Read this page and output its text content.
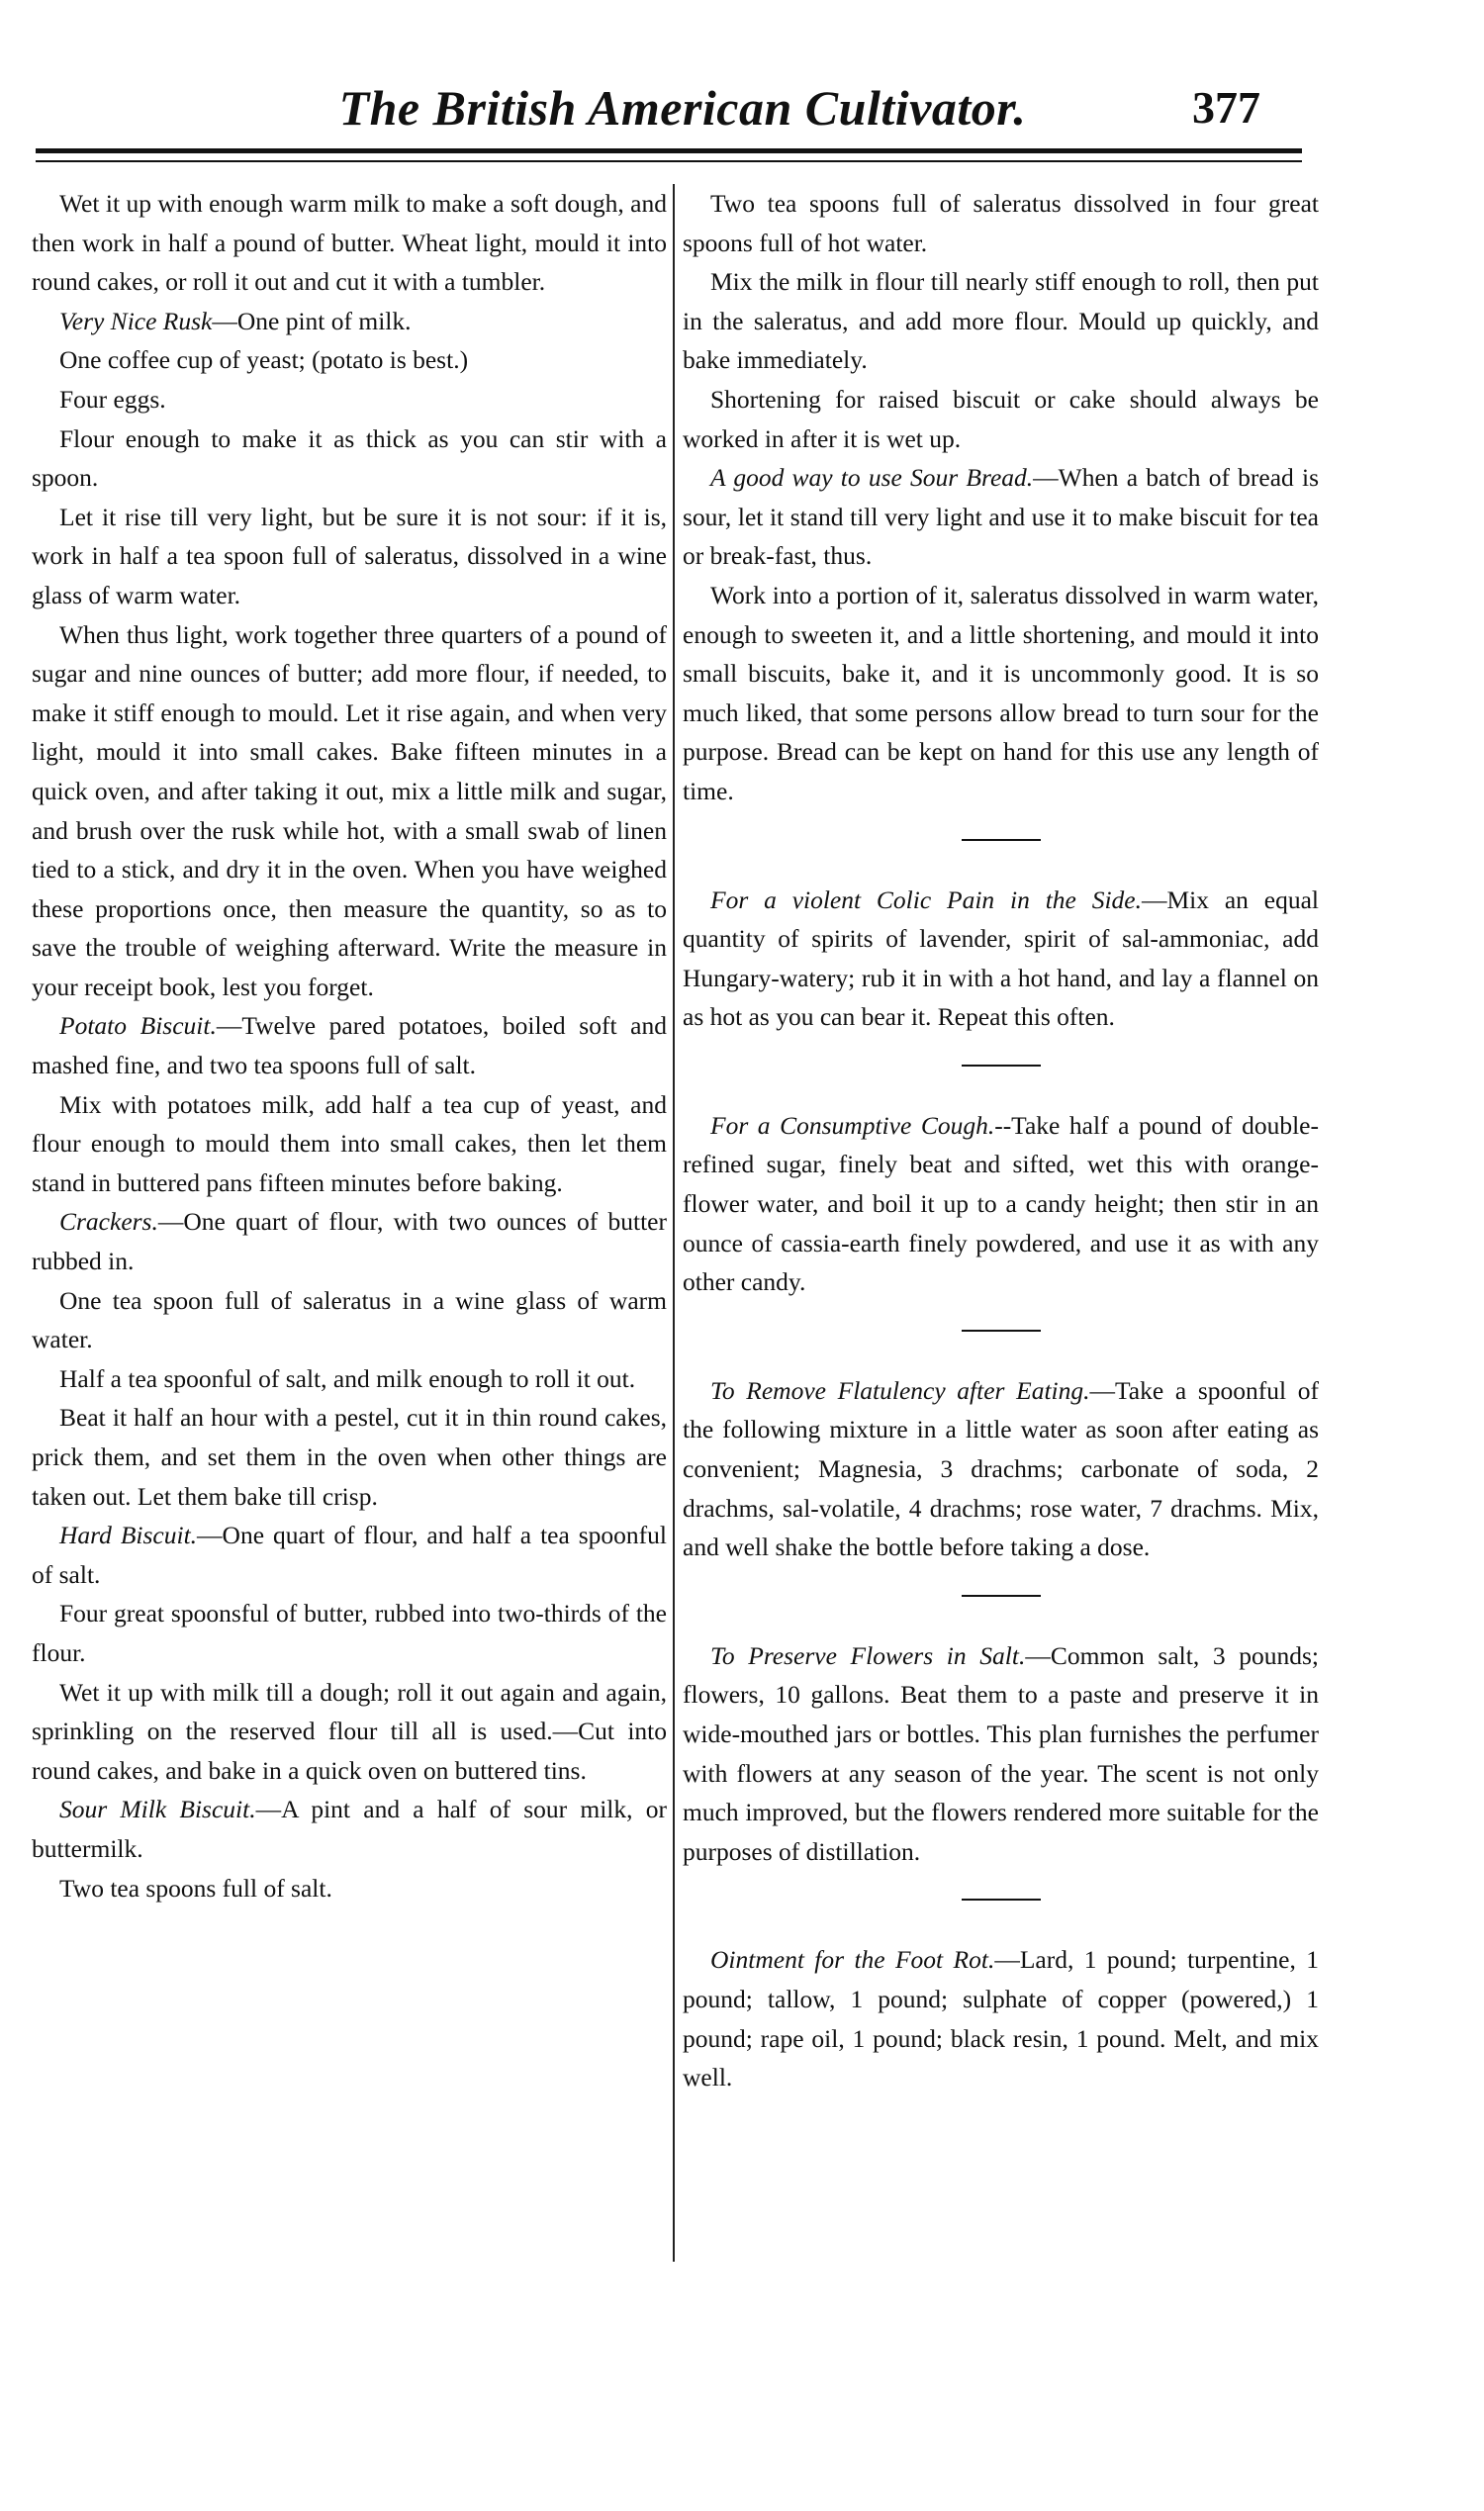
The British American Cultivator.	377

Wet it up with enough warm milk to make a soft dough, and then work in half a pound of butter. Wheat light, mould it into round cakes, or roll it out and cut it with a tumbler.

Very Nice Rusk—One pint of milk.

One coffee cup of yeast; (potato is best.)

Four eggs.

Flour enough to make it as thick as you can stir with a spoon.

Let it rise till very light, but be sure it is not sour: if it is, work in half a tea spoon full of saleratus, dissolved in a wine glass of warm water.

When thus light, work together three quarters of a pound of sugar and nine ounces of butter; add more flour, if needed, to make it stiff enough to mould. Let it rise again, and when very light, mould it into small cakes. Bake fifteen minutes in a quick oven, and after taking it out, mix a little milk and sugar, and brush over the rusk while hot, with a small swab of linen tied to a stick, and dry it in the oven. When you have weighed these proportions once, then measure the quantity, so as to save the trouble of weighing afterward. Write the measure in your receipt book, lest you forget.

Potato Biscuit.—Twelve pared potatoes, boiled soft and mashed fine, and two tea spoons full of salt.

Mix with potatoes milk, add half a tea cup of yeast, and flour enough to mould them into small cakes, then let them stand in buttered pans fifteen minutes before baking.

Crackers.—One quart of flour, with two ounces of butter rubbed in.

One tea spoon full of saleratus in a wine glass of warm water.

Half a tea spoonful of salt, and milk enough to roll it out.

Beat it half an hour with a pestel, cut it in thin round cakes, prick them, and set them in the oven when other things are taken out. Let them bake till crisp.

Hard Biscuit.—One quart of flour, and half a tea spoonful of salt.

Four great spoonsful of butter, rubbed into two-thirds of the flour.

Wet it up with milk till a dough; roll it out again and again, sprinkling on the reserved flour till all is used.—Cut into round cakes, and bake in a quick oven on buttered tins.

Sour Milk Biscuit.—A pint and a half of sour milk, or buttermilk.

Two tea spoons full of salt.

Two tea spoons full of saleratus dissolved in four great spoons full of hot water.

Mix the milk in flour till nearly stiff enough to roll, then put in the saleratus, and add more flour. Mould up quickly, and bake immediately.

Shortening for raised biscuit or cake should always be worked in after it is wet up.

A good way to use Sour Bread.—When a batch of bread is sour, let it stand till very light and use it to make biscuit for tea or break-fast, thus.

Work into a portion of it, saleratus dissolved in warm water, enough to sweeten it, and a little shortening, and mould it into small biscuits, bake it, and it is uncommonly good. It is so much liked, that some persons allow bread to turn sour for the purpose. Bread can be kept on hand for this use any length of time.

For a violent Colic Pain in the Side.—Mix an equal quantity of spirits of lavender, spirit of sal-ammoniac, add Hungary-watery; rub it in with a hot hand, and lay a flannel on as hot as you can bear it. Repeat this often.

For a Consumptive Cough.--Take half a pound of double-refined sugar, finely beat and sifted, wet this with orange-flower water, and boil it up to a candy height; then stir in an ounce of cassia-earth finely powdered, and use it as with any other candy.

To Remove Flatulency after Eating.—Take a spoonful of the following mixture in a little water as soon after eating as convenient; Magnesia, 3 drachms; carbonate of soda, 2 drachms, sal-volatile, 4 drachms; rose water, 7 drachms. Mix, and well shake the bottle before taking a dose.

To Preserve Flowers in Salt.—Common salt, 3 pounds; flowers, 10 gallons. Beat them to a paste and preserve it in wide-mouthed jars or bottles. This plan furnishes the perfumer with flowers at any season of the year. The scent is not only much improved, but the flowers rendered more suitable for the purposes of distillation.

Ointment for the Foot Rot.—Lard, 1 pound; turpentine, 1 pound; tallow, 1 pound; sulphate of copper (powered,) 1 pound; rape oil, 1 pound; black resin, 1 pound. Melt, and mix well.
